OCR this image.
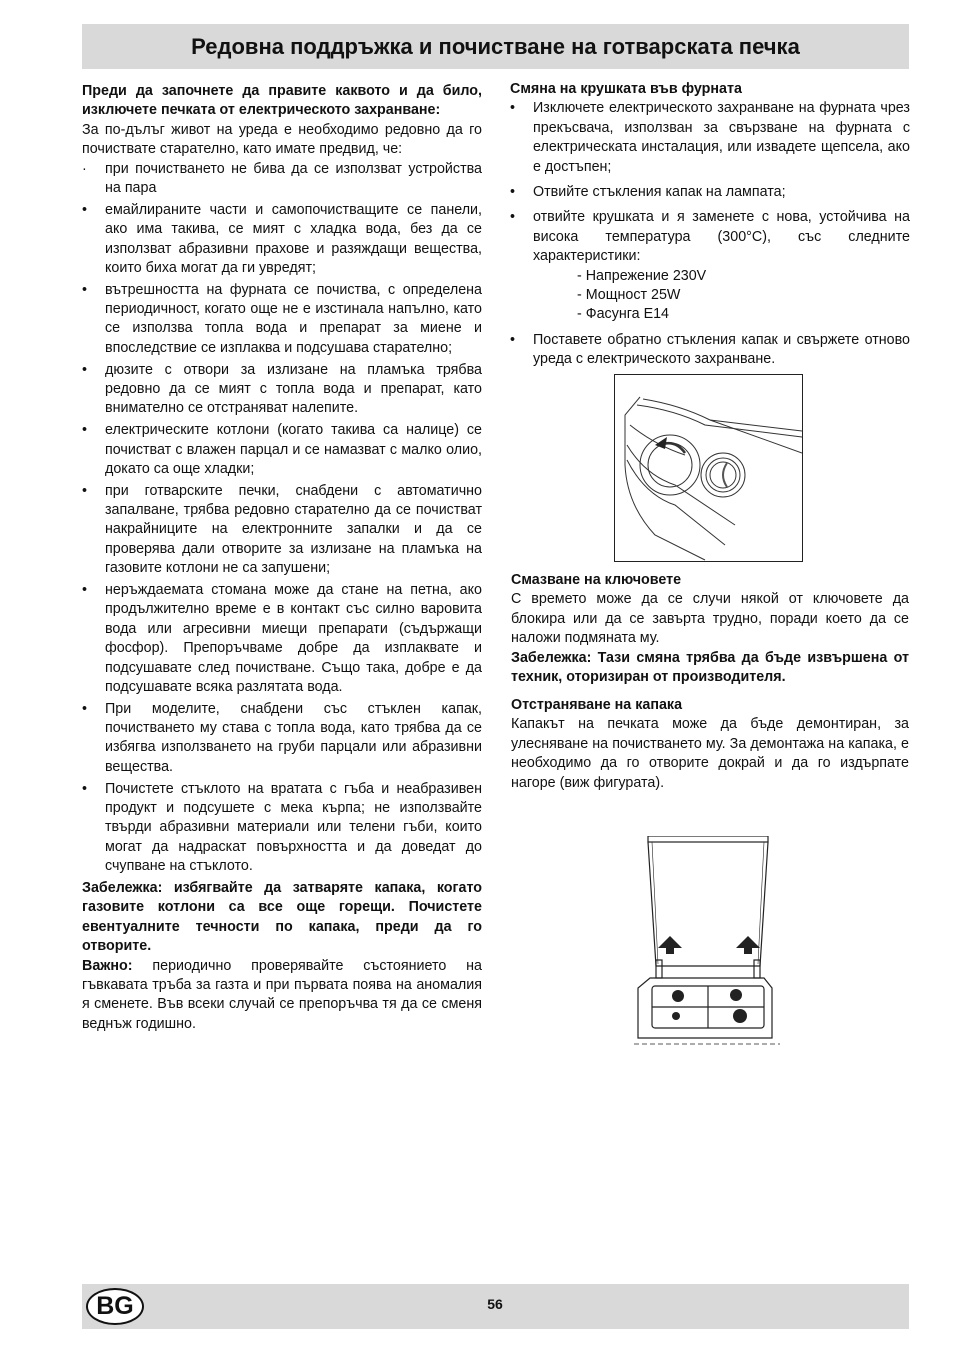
Редовна поддръжка и почистване на готварската печка

Преди да започнете да правите каквото и да било, изключете печката от електрическото захранване:

За по-дълъг живот на уреда е необходимо редовно да го почиствате старателно, като имате предвид, че:

· при почистването не бива да се използват устройства на пара
• емайлираните части и самопочистващите се панели, ако има такива, се мият с хладка вода, без да се използват абразивни прахове и разяждащи вещества, които биха могат да ги увредят;
• вътрешността на фурната се почиства, с определена периодичност, когато още не е изстинала напълно, като се използва топла вода и препарат за миене и впоследствие се изплаква и подсушава старателно;
• дюзите с отвори за излизане на пламъка трябва редовно да се мият с топла вода и препарат, като внимателно се отстраняват налепите.
• електрическите котлони (когато такива са налице) се почистват с влажен парцал и се намазват с малко олио, докато са още хладки;
• при готварските печки, снабдени с автоматично запалване, трябва редовно старателно да се почистват накрайниците на електронните запалки и да се проверява дали отворите за излизане на пламъка на газовите котлони не са запушени;
• неръждаемата стомана може да стане на петна, ако продължително време е в контакт със силно варовита вода или агресивни миещи препарати (съдържащи фосфор). Препоръчваме добре да изплаквате и подсушавате след почистване. Също така, добре е да подсушавате всяка разлятата вода.
• При моделите, снабдени със стъклен капак, почистването му става с топла вода, като трябва да се избягва използването на груби парцали или абразивни вещества.
• Почистете стъклото на вратата с гъба и неабразивен продукт и подсушете с мека кърпа; не използвайте твърди абразивни материали или телени гъби, които могат да надраскат повърхността и да доведат до счупване на стъклото.

Забележка: избягвайте да затваряте капака, когато газовите котлони са все още горещи. Почистете евентуалните течности по капака, преди да го отворите.

Важно: периодично проверявайте състоянието на гъвкавата тръба за газта и при първата поява на аномалия я сменете. Във всеки случай се препоръчва тя да се сменя веднъж годишно.

Смяна на крушката във фурната

• Изключете електрическото захранване на фурната чрез прекъсвача, използван за свързване на фурната с електрическата инсталация, или извадете щепсела, ако е достъпен;
• Отвийте стъкления капак на лампата;
• отвийте крушката и я заменете с нова, устойчива на висока температура (300°C), със следните характеристики:
- Напрежение 230V
- Мощност 25W
- Фасунга E14
• Поставете обратно стъкления капак и свържете отново уреда с електрическото захранване.

Смазване на ключовете

С времето може да се случи някой от ключовете да блокира или да се завърта трудно, поради което да се наложи подмяната му.

Забележка: Тази смяна трябва да бъде извършена от техник, оторизиран от производителя.

Отстраняване на капака

Капакът на печката може да бъде демонтиран, за улесняване на почистването му. За демонтажа на капака, е необходимо да го отворите докрай и да го издърпате нагоре (виж фигурата).

BG	56
